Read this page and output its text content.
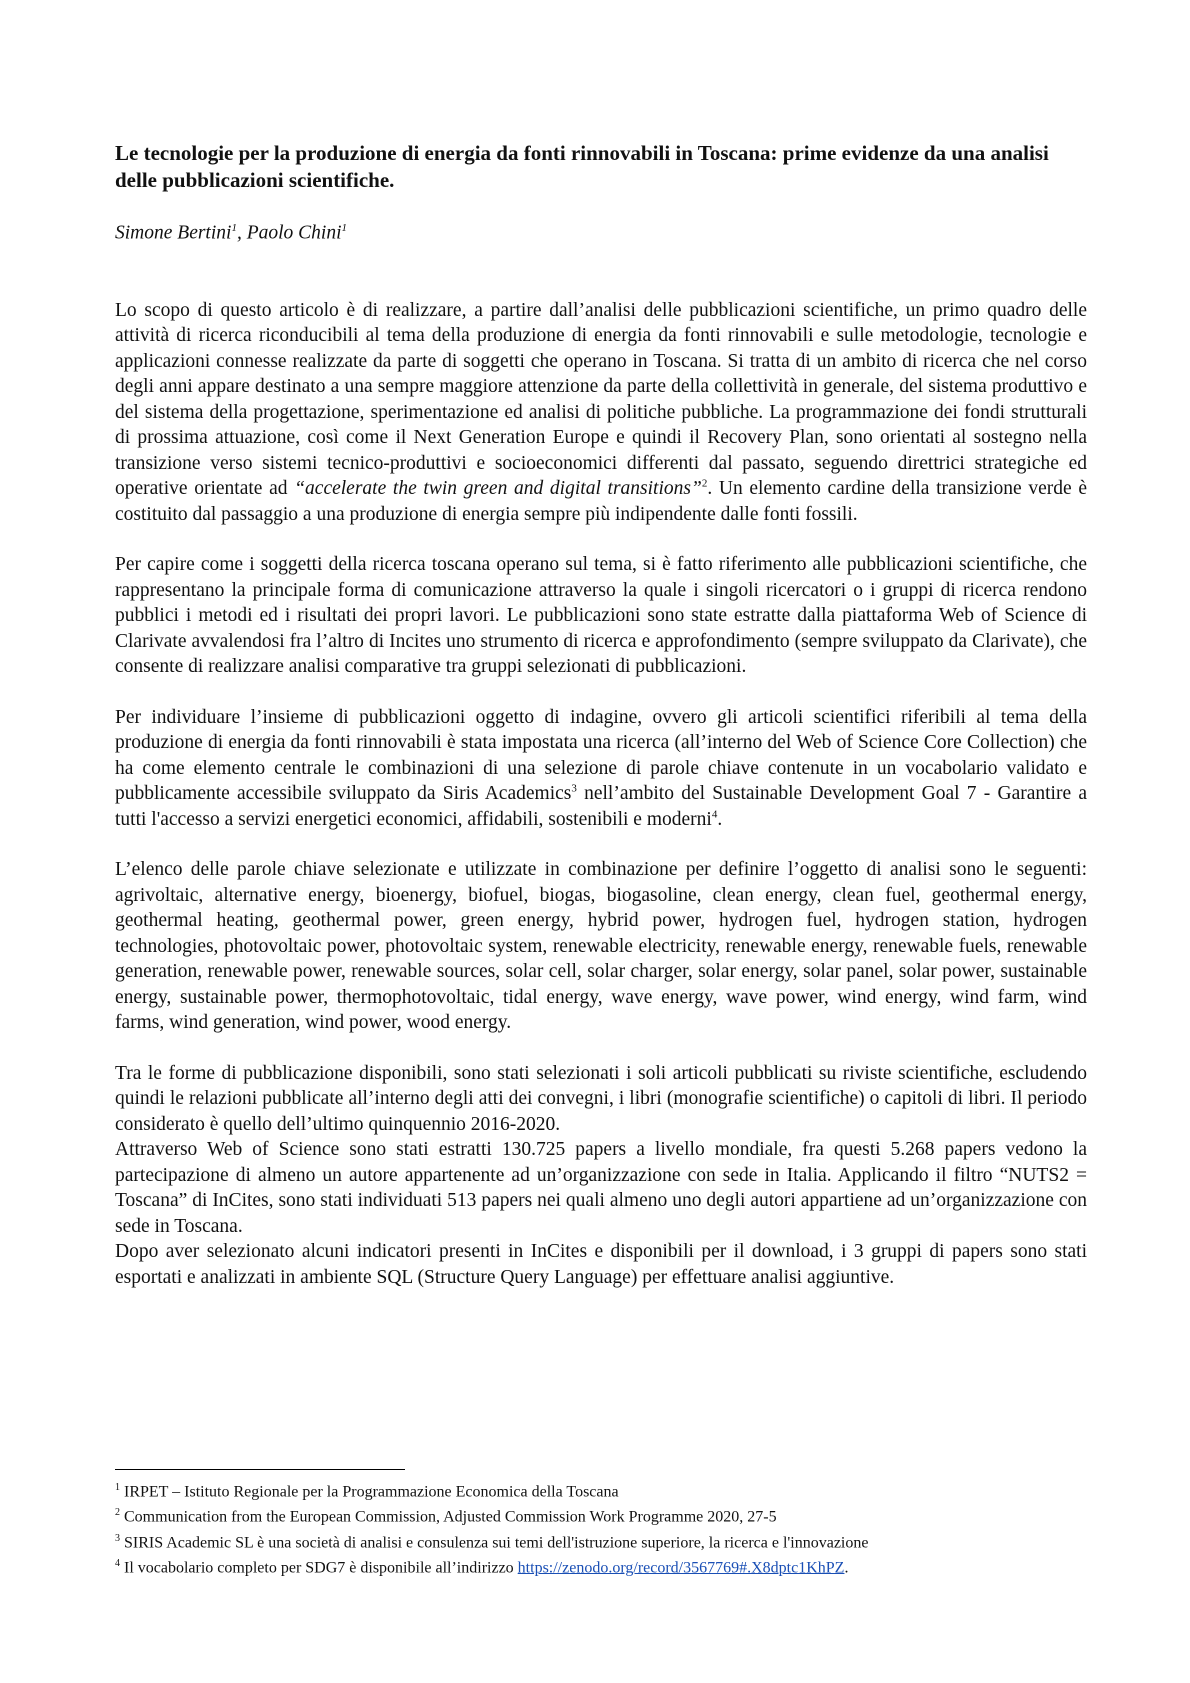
Le tecnologie per la produzione di energia da fonti rinnovabili in Toscana: prime evidenze da una analisi delle pubblicazioni scientifiche.

Simone Bertini$^1$, Paolo Chini$^1$

Lo scopo di questo articolo è di realizzare, a partire dall’analisi delle pubblicazioni scientifiche, un primo quadro delle attività di ricerca riconducibili al tema della produzione di energia da fonti rinnovabili e sulle metodologie, tecnologie e applicazioni connesse realizzate da parte di soggetti che operano in Toscana. Si tratta di un ambito di ricerca che nel corso degli anni appare destinato a una sempre maggiore attenzione da parte della collettività in generale, del sistema produttivo e del sistema della progettazione, sperimentazione ed analisi di politiche pubbliche. La programmazione dei fondi strutturali di prossima attuazione, così come il Next Generation Europe e quindi il Recovery Plan, sono orientati al sostegno nella transizione verso sistemi tecnico-produttivi e socioeconomici differenti dal passato, seguendo direttrici strategiche ed operative orientate ad “accelerate the twin green and digital transitions”$^2$. Un elemento cardine della transizione verde è costituito dal passaggio a una produzione di energia sempre più indipendente dalle fonti fossili.

Per capire come i soggetti della ricerca toscana operano sul tema, si è fatto riferimento alle pubblicazioni scientifiche, che rappresentano la principale forma di comunicazione attraverso la quale i singoli ricercatori o i gruppi di ricerca rendono pubblici i metodi ed i risultati dei propri lavori. Le pubblicazioni sono state estratte dalla piattaforma Web of Science di Clarivate avvalendosi fra l’altro di Incites uno strumento di ricerca e approfondimento (sempre sviluppato da Clarivate), che consente di realizzare analisi comparative tra gruppi selezionati di pubblicazioni.

Per individuare l’insieme di pubblicazioni oggetto di indagine, ovvero gli articoli scientifici riferibili al tema della produzione di energia da fonti rinnovabili è stata impostata una ricerca (all’interno del Web of Science Core Collection) che ha come elemento centrale le combinazioni di una selezione di parole chiave contenute in un vocabolario validato e pubblicamente accessibile sviluppato da Siris Academics$^3$ nell’ambito del Sustainable Development Goal 7 - Garantire a tutti l'accesso a servizi energetici economici, affidabili, sostenibili e moderni$^4$.

L’elenco delle parole chiave selezionate e utilizzate in combinazione per definire l’oggetto di analisi sono le seguenti: agrivoltaic, alternative energy, bioenergy, biofuel, biogas, biogasoline, clean energy, clean fuel, geothermal energy, geothermal heating, geothermal power, green energy, hybrid power, hydrogen fuel, hydrogen station, hydrogen technologies, photovoltaic power, photovoltaic system, renewable electricity, renewable energy, renewable fuels, renewable generation, renewable power, renewable sources, solar cell, solar charger, solar energy, solar panel, solar power, sustainable energy, sustainable power, thermophotovoltaic, tidal energy, wave energy, wave power, wind energy, wind farm, wind farms, wind generation, wind power, wood energy.

Tra le forme di pubblicazione disponibili, sono stati selezionati i soli articoli pubblicati su riviste scientifiche, escludendo quindi le relazioni pubblicate all’interno degli atti dei convegni, i libri (monografie scientifiche) o capitoli di libri. Il periodo considerato è quello dell’ultimo quinquennio 2016-2020.

Attraverso Web of Science sono stati estratti 130.725 papers a livello mondiale, fra questi 5.268 papers vedono la partecipazione di almeno un autore appartenente ad un’organizzazione con sede in Italia. Applicando il filtro “NUTS2 = Toscana” di InCites, sono stati individuati 513 papers nei quali almeno uno degli autori appartiene ad un’organizzazione con sede in Toscana.

Dopo aver selezionato alcuni indicatori presenti in InCites e disponibili per il download, i 3 gruppi di papers sono stati esportati e analizzati in ambiente SQL (Structure Query Language) per effettuare analisi aggiuntive.

$^1$ IRPET – Istituto Regionale per la Programmazione Economica della Toscana
$^2$ Communication from the European Commission, Adjusted Commission Work Programme 2020, 27-5
$^3$ SIRIS Academic SL è una società di analisi e consulenza sui temi dell'istruzione superiore, la ricerca e l'innovazione
$^4$ Il vocabolario completo per SDG7 è disponibile all’indirizzo https://zenodo.org/record/3567769#.X8dptc1KhPZ.
